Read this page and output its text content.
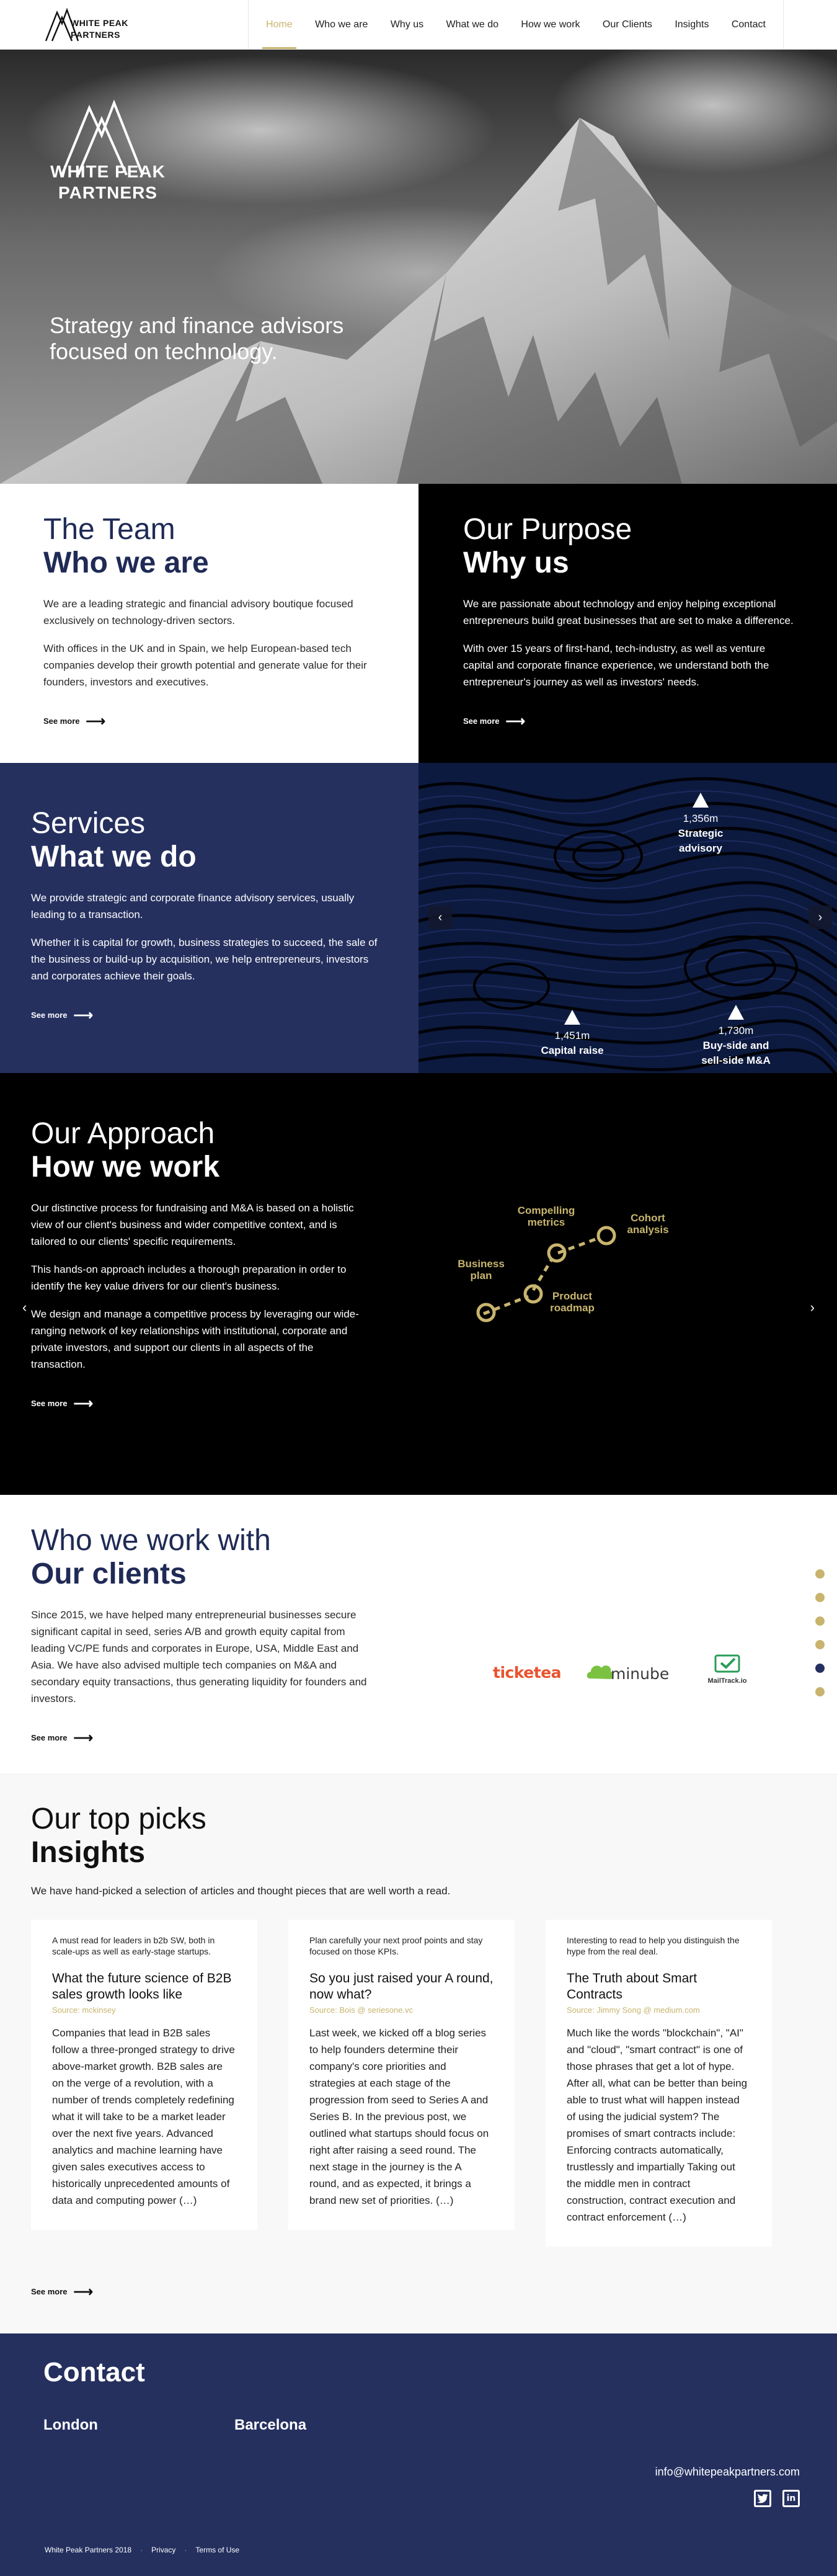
WHITE PEAK
PARTNERS
Home Who we are Why us What we do How we work Our Clients Insights Contact
WHITE PEAK
PARTNERS
Strategy and finance advisors focused on technology.
The Team
Who we are

We are a leading strategic and financial advisory boutique focused exclusively on technology-driven sectors.

With offices in the UK and in Spain, we help European-based tech companies develop their growth potential and generate value for their founders, investors and executives.

See more ⟶
Our Purpose
Why us

We are passionate about technology and enjoy helping exceptional entrepreneurs build great businesses that are set to make a difference.

With over 15 years of first-hand, tech-industry, as well as venture capital and corporate finance experience, we understand both the entrepreneur's journey as well as investors' needs.

See more ⟶
Services
What we do

We provide strategic and corporate finance advisory services, usually leading to a transaction.

Whether it is capital for growth, business strategies to succeed, the sale of the business or build-up by acquisition, we help entrepreneurs, investors and corporates achieve their goals.

See more ⟶
1,356m
Strategic
advisory
1,451m
Capital raise
1,730m
Buy-side and
sell-side M&A
‹	›
‹
Our Approach
How we work

Our distinctive process for fundraising and M&A is based on a holistic view of our client's business and wider competitive context, and is tailored to our clients' specific requirements.

This hands-on approach includes a thorough preparation in order to identify the key value drivers for our client's business.

We design and manage a competitive process by leveraging our wide-ranging network of key relationships with institutional, corporate and private investors, and support our clients in all aspects of the transaction.

See more ⟶
Business
plan
Product
roadmap
Compelling
metrics	Cohort
analysis
›
Who we work with
Our clients

Since 2015, we have helped many entrepreneurial businesses secure significant capital in seed, series A/B and growth equity capital from leading VC/PE funds and corporates in Europe, USA, Middle East and Asia. We have also advised multiple tech companies on M&A and secondary equity transactions, thus generating liquidity for founders and investors.

See more ⟶
ticketea	minube	MailTrack.io
Our top picks
Insights

We have hand-picked a selection of articles and thought pieces that are well worth a read.

A must read for leaders in b2b SW, both in scale-ups as well as early-stage startups.

What the future science of B2B sales growth looks like

Source: mckinsey

Companies that lead in B2B sales follow a three-pronged strategy to drive above-market growth. B2B sales are on the verge of a revolution, with a number of trends completely redefining what it will take to be a market leader over the next five years. Advanced analytics and machine learning have given sales executives access to historically unprecedented amounts of data and computing power (…)

Plan carefully your next proof points and stay focused on those KPIs.

So you just raised your A round, now what?

Source: Bois @ seriesone.vc

Last week, we kicked off a blog series to help founders determine their company's core priorities and strategies at each stage of the progression from seed to Series A and Series B. In the previous post, we outlined what startups should focus on right after raising a seed round. The next stage in the journey is the A round, and as expected, it brings a brand new set of priorities. (…)

Interesting to read to help you distinguish the hype from the real deal.

The Truth about Smart Contracts

Source: Jimmy Song @ medium.com

Much like the words "blockchain", "AI" and "cloud", "smart contract" is one of those phrases that get a lot of hype. After all, what can be better than being able to trust what will happen instead of using the judicial system? The promises of smart contracts include: Enforcing contracts automatically, trustlessly and impartially Taking out the middle men in contract construction, contract execution and contract enforcement (…)

See more ⟶
Contact
London	Barcelona
info@whitepeakpartners.com
in
White Peak Partners 2018 · Privacy · Terms of Use
